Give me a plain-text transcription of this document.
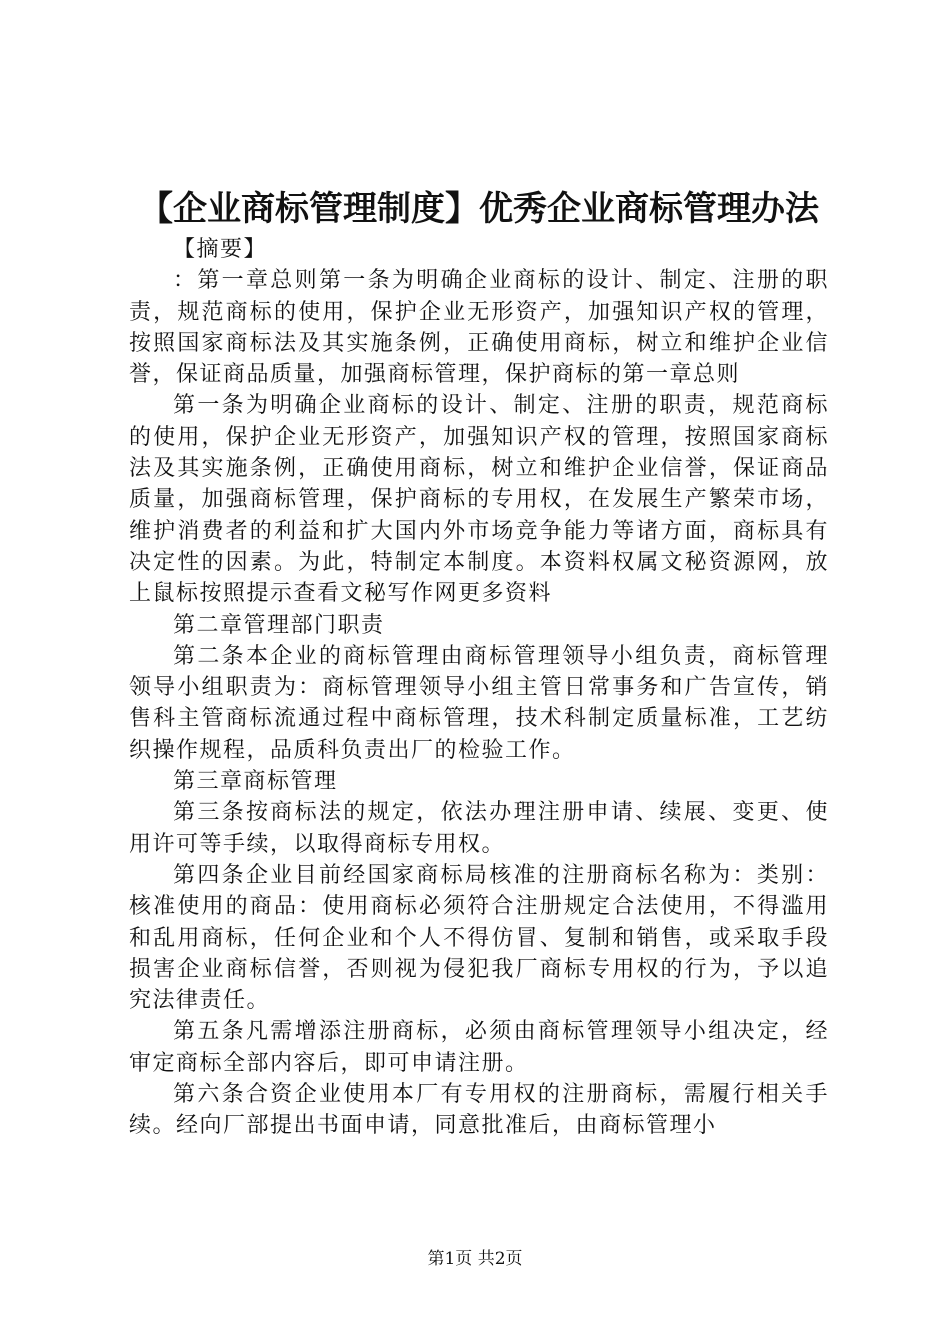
【企业商标管理制度】优秀企业商标管理办法

【摘要】

：第一章总则第一条为明确企业商标的设计、制定、注册的职责，规范商标的使用，保护企业无形资产，加强知识产权的管理，按照国家商标法及其实施条例，正确使用商标，树立和维护企业信誉，保证商品质量，加强商标管理，保护商标的第一章总则

第一条为明确企业商标的设计、制定、注册的职责，规范商标的使用，保护企业无形资产，加强知识产权的管理，按照国家商标法及其实施条例，正确使用商标，树立和维护企业信誉，保证商品质量，加强商标管理，保护商标的专用权，在发展生产繁荣市场，维护消费者的利益和扩大国内外市场竞争能力等诸方面，商标具有决定性的因素。为此，特制定本制度。本资料权属文秘资源网，放上鼠标按照提示查看文秘写作网更多资料

第二章管理部门职责

第二条本企业的商标管理由商标管理领导小组负责，商标管理领导小组职责为：商标管理领导小组主管日常事务和广告宣传，销售科主管商标流通过程中商标管理，技术科制定质量标准，工艺纺织操作规程，品质科负责出厂的检验工作。

第三章商标管理

第三条按商标法的规定，依法办理注册申请、续展、变更、使用许可等手续，以取得商标专用权。

第四条企业目前经国家商标局核准的注册商标名称为：类别：核准使用的商品：使用商标必须符合注册规定合法使用，不得滥用和乱用商标，任何企业和个人不得仿冒、复制和销售，或采取手段损害企业商标信誉，否则视为侵犯我厂商标专用权的行为，予以追究法律责任。

第五条凡需增添注册商标，必须由商标管理领导小组决定，经审定商标全部内容后，即可申请注册。

第六条合资企业使用本厂有专用权的注册商标，需履行相关手续。经向厂部提出书面申请，同意批准后，由商标管理小

第1页 共2页
